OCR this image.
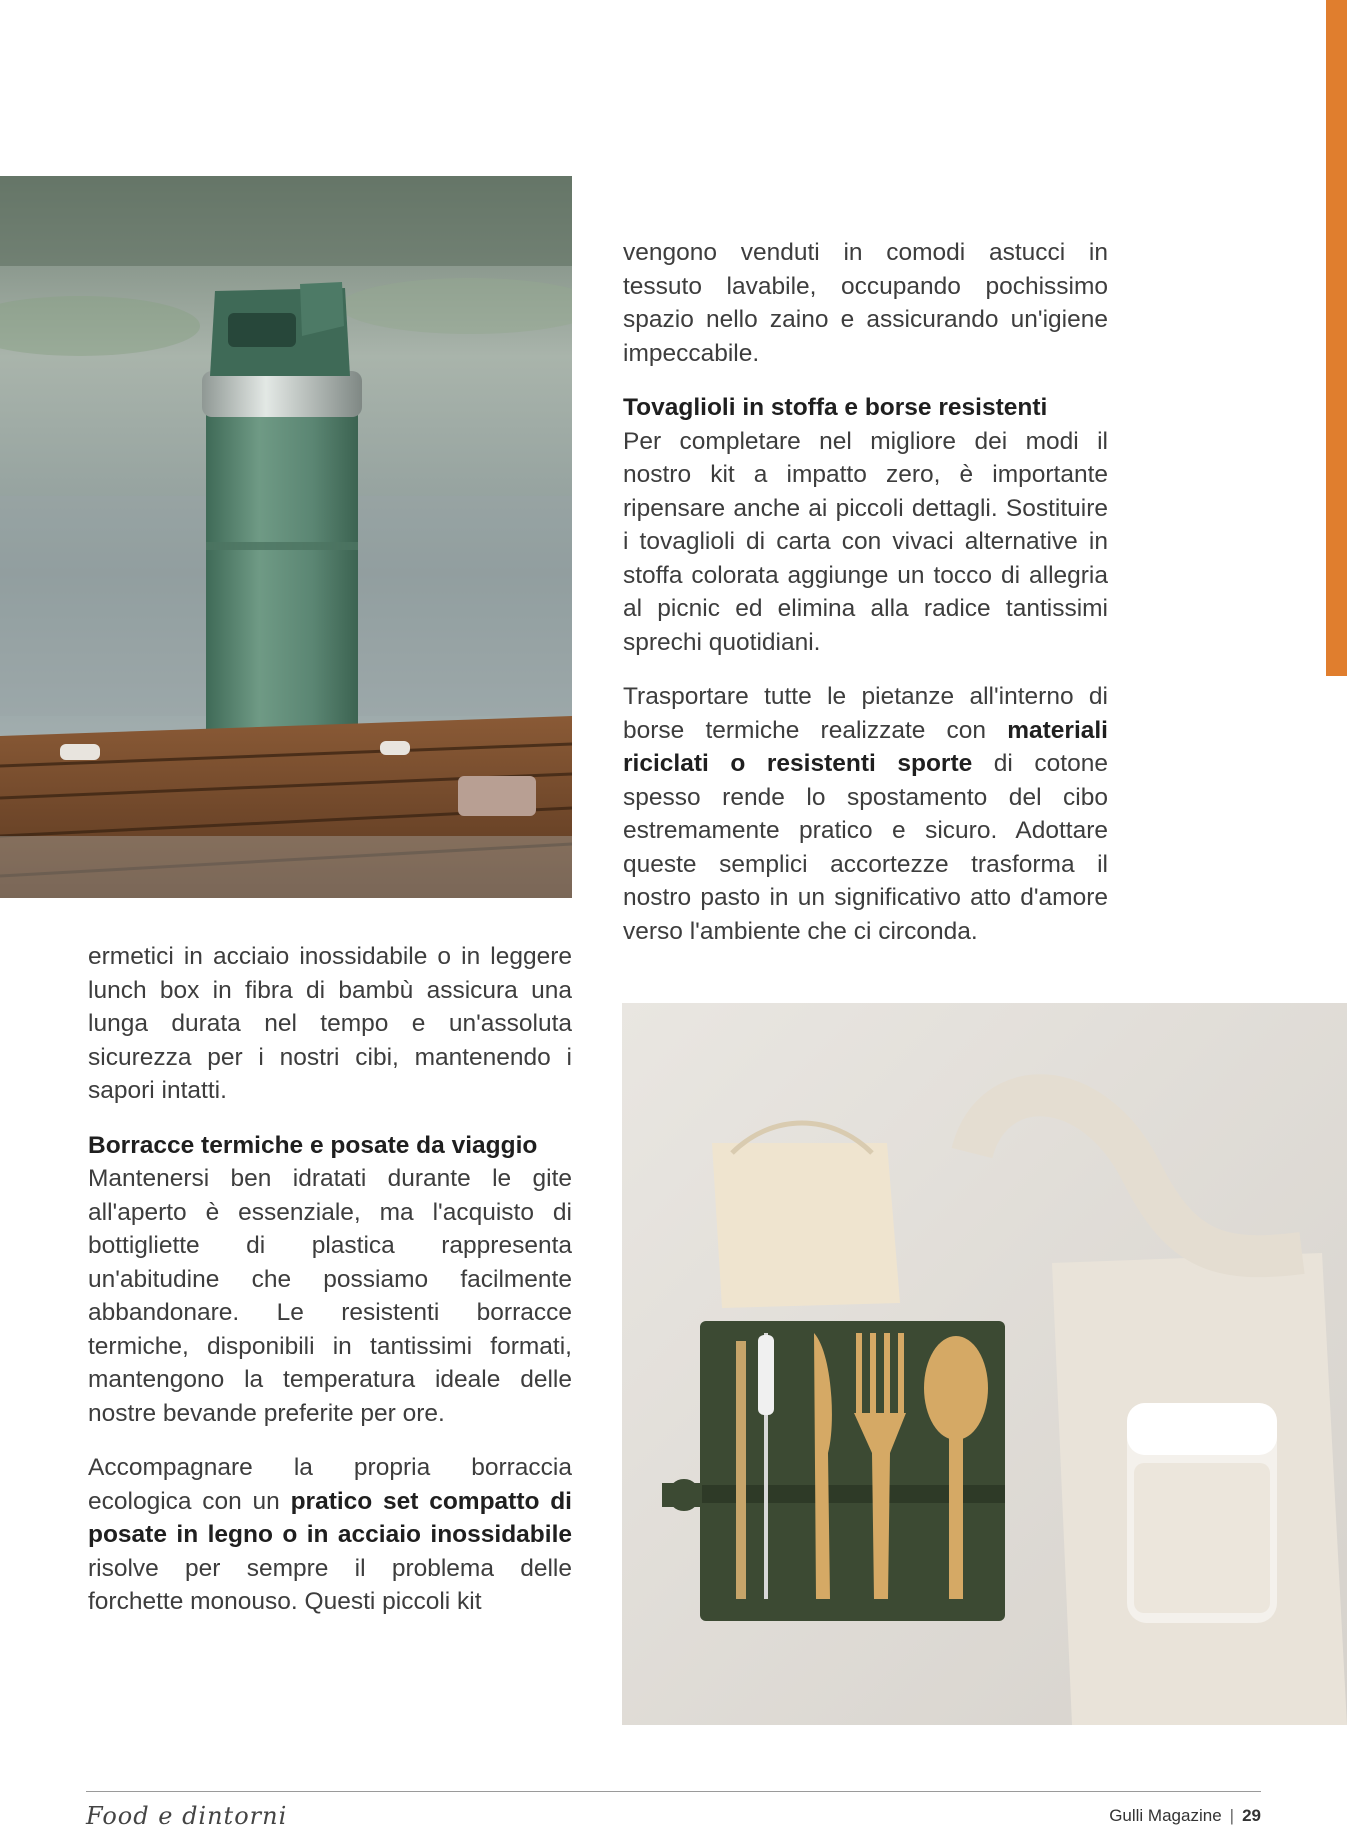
ermetici in acciaio inossidabile o in leggere lunch box in fibra di bambù assicura una lunga durata nel tempo e un'assoluta sicurezza per i nostri cibi, mantenendo i sapori intatti.

Borracce termiche e posate da viaggio

Mantenersi ben idratati durante le gite all'aperto è essenziale, ma l'acquisto di bottigliette di plastica rappresenta un'abitudine che possiamo facilmente abbandonare. Le resistenti borracce termiche, disponibili in tantissimi formati, mantengono la temperatura ideale delle nostre bevande preferite per ore.

Accompagnare la propria borraccia ecologica con un pratico set compatto di posate in legno o in acciaio inossidabile risolve per sempre il problema delle forchette monouso. Questi piccoli kit

vengono venduti in comodi astucci in tessuto lavabile, occupando pochissimo spazio nello zaino e assicurando un'igiene impeccabile.

Tovaglioli in stoffa e borse resistenti

Per completare nel migliore dei modi il nostro kit a impatto zero, è importante ripensare anche ai piccoli dettagli. Sostituire i tovaglioli di carta con vivaci alternative in stoffa colorata aggiunge un tocco di allegria al picnic ed elimina alla radice tantissimi sprechi quotidiani.

Trasportare tutte le pietanze all'interno di borse termiche realizzate con materiali riciclati o resistenti sporte di cotone spesso rende lo spostamento del cibo estremamente pratico e sicuro. Adottare queste semplici accortezze trasforma il nostro pasto in un significativo atto d'amore verso l'ambiente che ci circonda.

Food e dintorni	Gulli Magazine | 29
